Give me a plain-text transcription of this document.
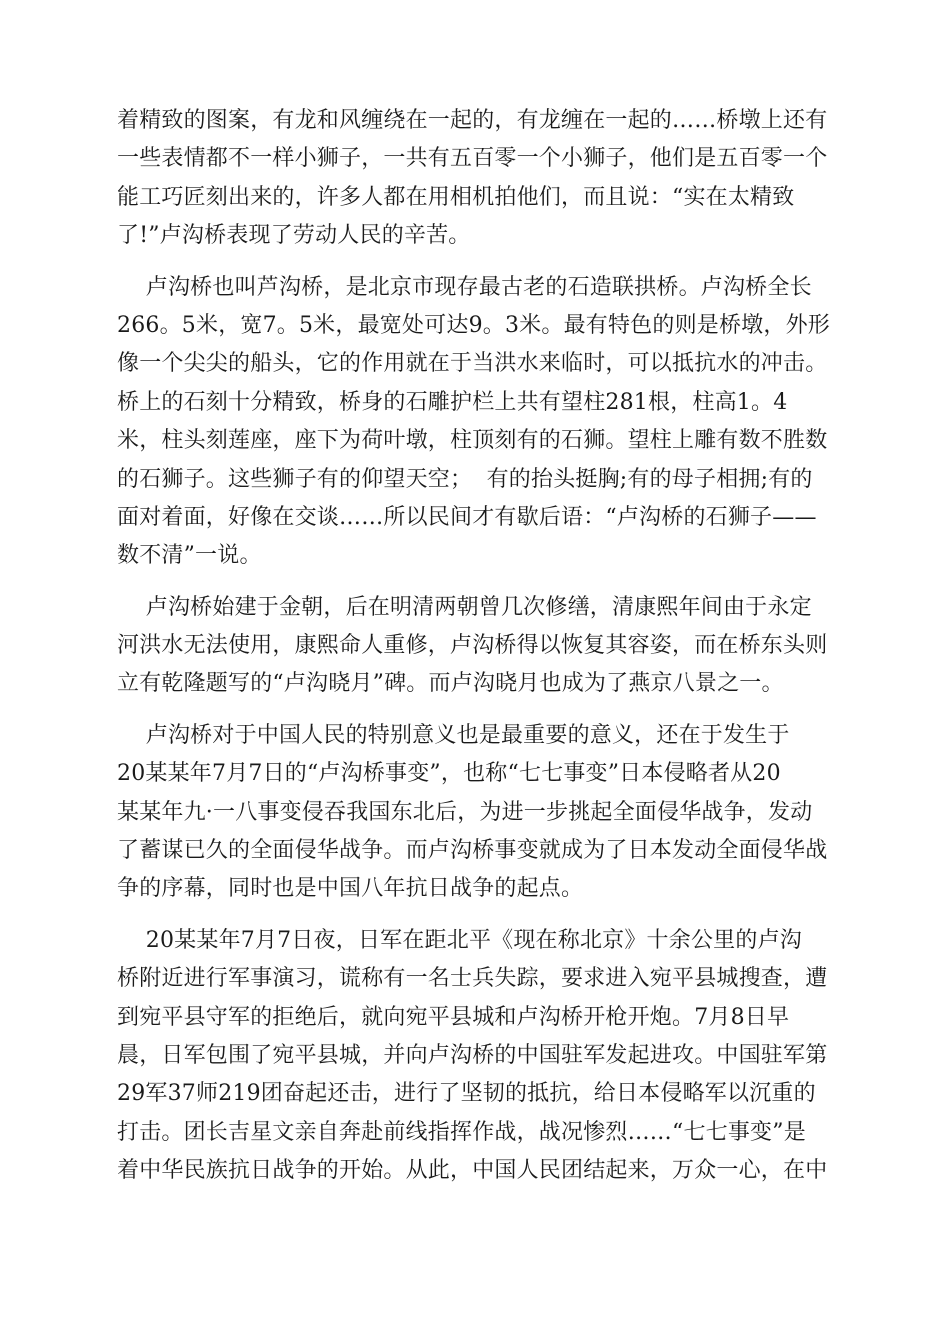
着精致的图案，有龙和风缠绕在一起的，有龙缠在一起的……桥墩上还有
一些表情都不一样小狮子，一共有五百零一个小狮子，他们是五百零一个
能工巧匠刻出来的，许多人都在用相机拍他们，而且说：“实在太精致
了!”卢沟桥表现了劳动人民的辛苦。
卢沟桥也叫芦沟桥，是北京市现存最古老的石造联拱桥。卢沟桥全长
266。5米，宽7。5米，最宽处可达9。3米。最有特色的则是桥墩，外形
像一个尖尖的船头，它的作用就在于当洪水来临时，可以抵抗水的冲击。
桥上的石刻十分精致，桥身的石雕护栏上共有望柱281根，柱高1。4
米，柱头刻莲座，座下为荷叶墩，柱顶刻有的石狮。望柱上雕有数不胜数
的石狮子。这些狮子有的仰望天空；  有的抬头挺胸;有的母子相拥;有的
面对着面，好像在交谈……所以民间才有歇后语：“卢沟桥的石狮子——
数不清”一说。
卢沟桥始建于金朝，后在明清两朝曾几次修缮，清康熙年间由于永定
河洪水无法使用，康熙命人重修，卢沟桥得以恢复其容姿，而在桥东头则
立有乾隆题写的“卢沟晓月”碑。而卢沟晓月也成为了燕京八景之一。
卢沟桥对于中国人民的特别意义也是最重要的意义，还在于发生于
20某某年7月7日的“卢沟桥事变”，也称“七七事变”日本侵略者从20
某某年九·一八事变侵吞我国东北后，为进一步挑起全面侵华战争，发动
了蓄谋已久的全面侵华战争。而卢沟桥事变就成为了日本发动全面侵华战
争的序幕，同时也是中国八年抗日战争的起点。
20某某年7月7日夜，日军在距北平《现在称北京》十余公里的卢沟
桥附近进行军事演习，谎称有一名士兵失踪，要求进入宛平县城搜查，遭
到宛平县守军的拒绝后，就向宛平县城和卢沟桥开枪开炮。7月8日早
晨，日军包围了宛平县城，并向卢沟桥的中国驻军发起进攻。中国驻军第
29军37师219团奋起还击，进行了坚韧的抵抗，给日本侵略军以沉重的
打击。团长吉星文亲自奔赴前线指挥作战，战况惨烈……“七七事变”是
着中华民族抗日战争的开始。从此，中国人民团结起来，万众一心，在中
